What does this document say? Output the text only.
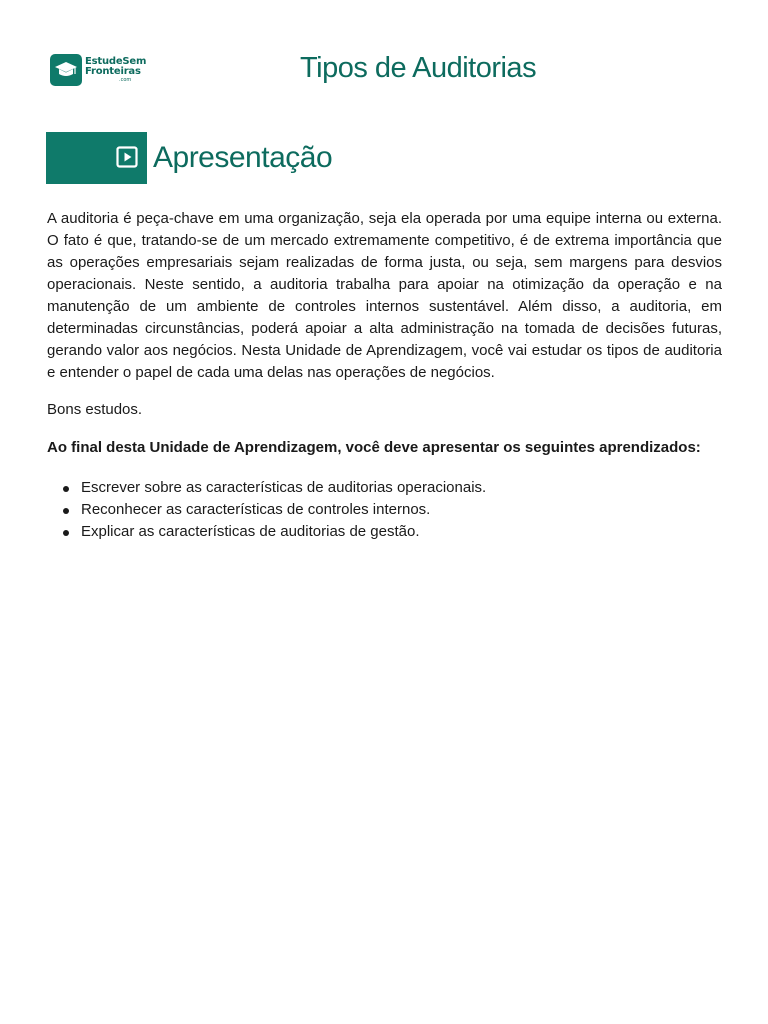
EstudeSem
Fronteiras
.com	Tipos de Auditorias
Apresentação

A auditoria é peça-chave em uma organização, seja ela operada por uma equipe interna ou externa. O fato é que, tratando-se de um mercado extremamente competitivo, é de extrema importância que as operações empresariais sejam realizadas de forma justa, ou seja, sem margens para desvios operacionais. Neste sentido, a auditoria trabalha para apoiar na otimização da operação e na manutenção de um ambiente de controles internos sustentável. Além disso, a auditoria, em determinadas circunstâncias, poderá apoiar a alta administração na tomada de decisões futuras, gerando valor aos negócios. Nesta Unidade de Aprendizagem, você vai estudar os tipos de auditoria e entender o papel de cada uma delas nas operações de negócios.

Bons estudos.

Ao final desta Unidade de Aprendizagem, você deve apresentar os seguintes aprendizados:

Escrever sobre as características de auditorias operacionais.
Reconhecer as características de controles internos.
Explicar as características de auditorias de gestão.
